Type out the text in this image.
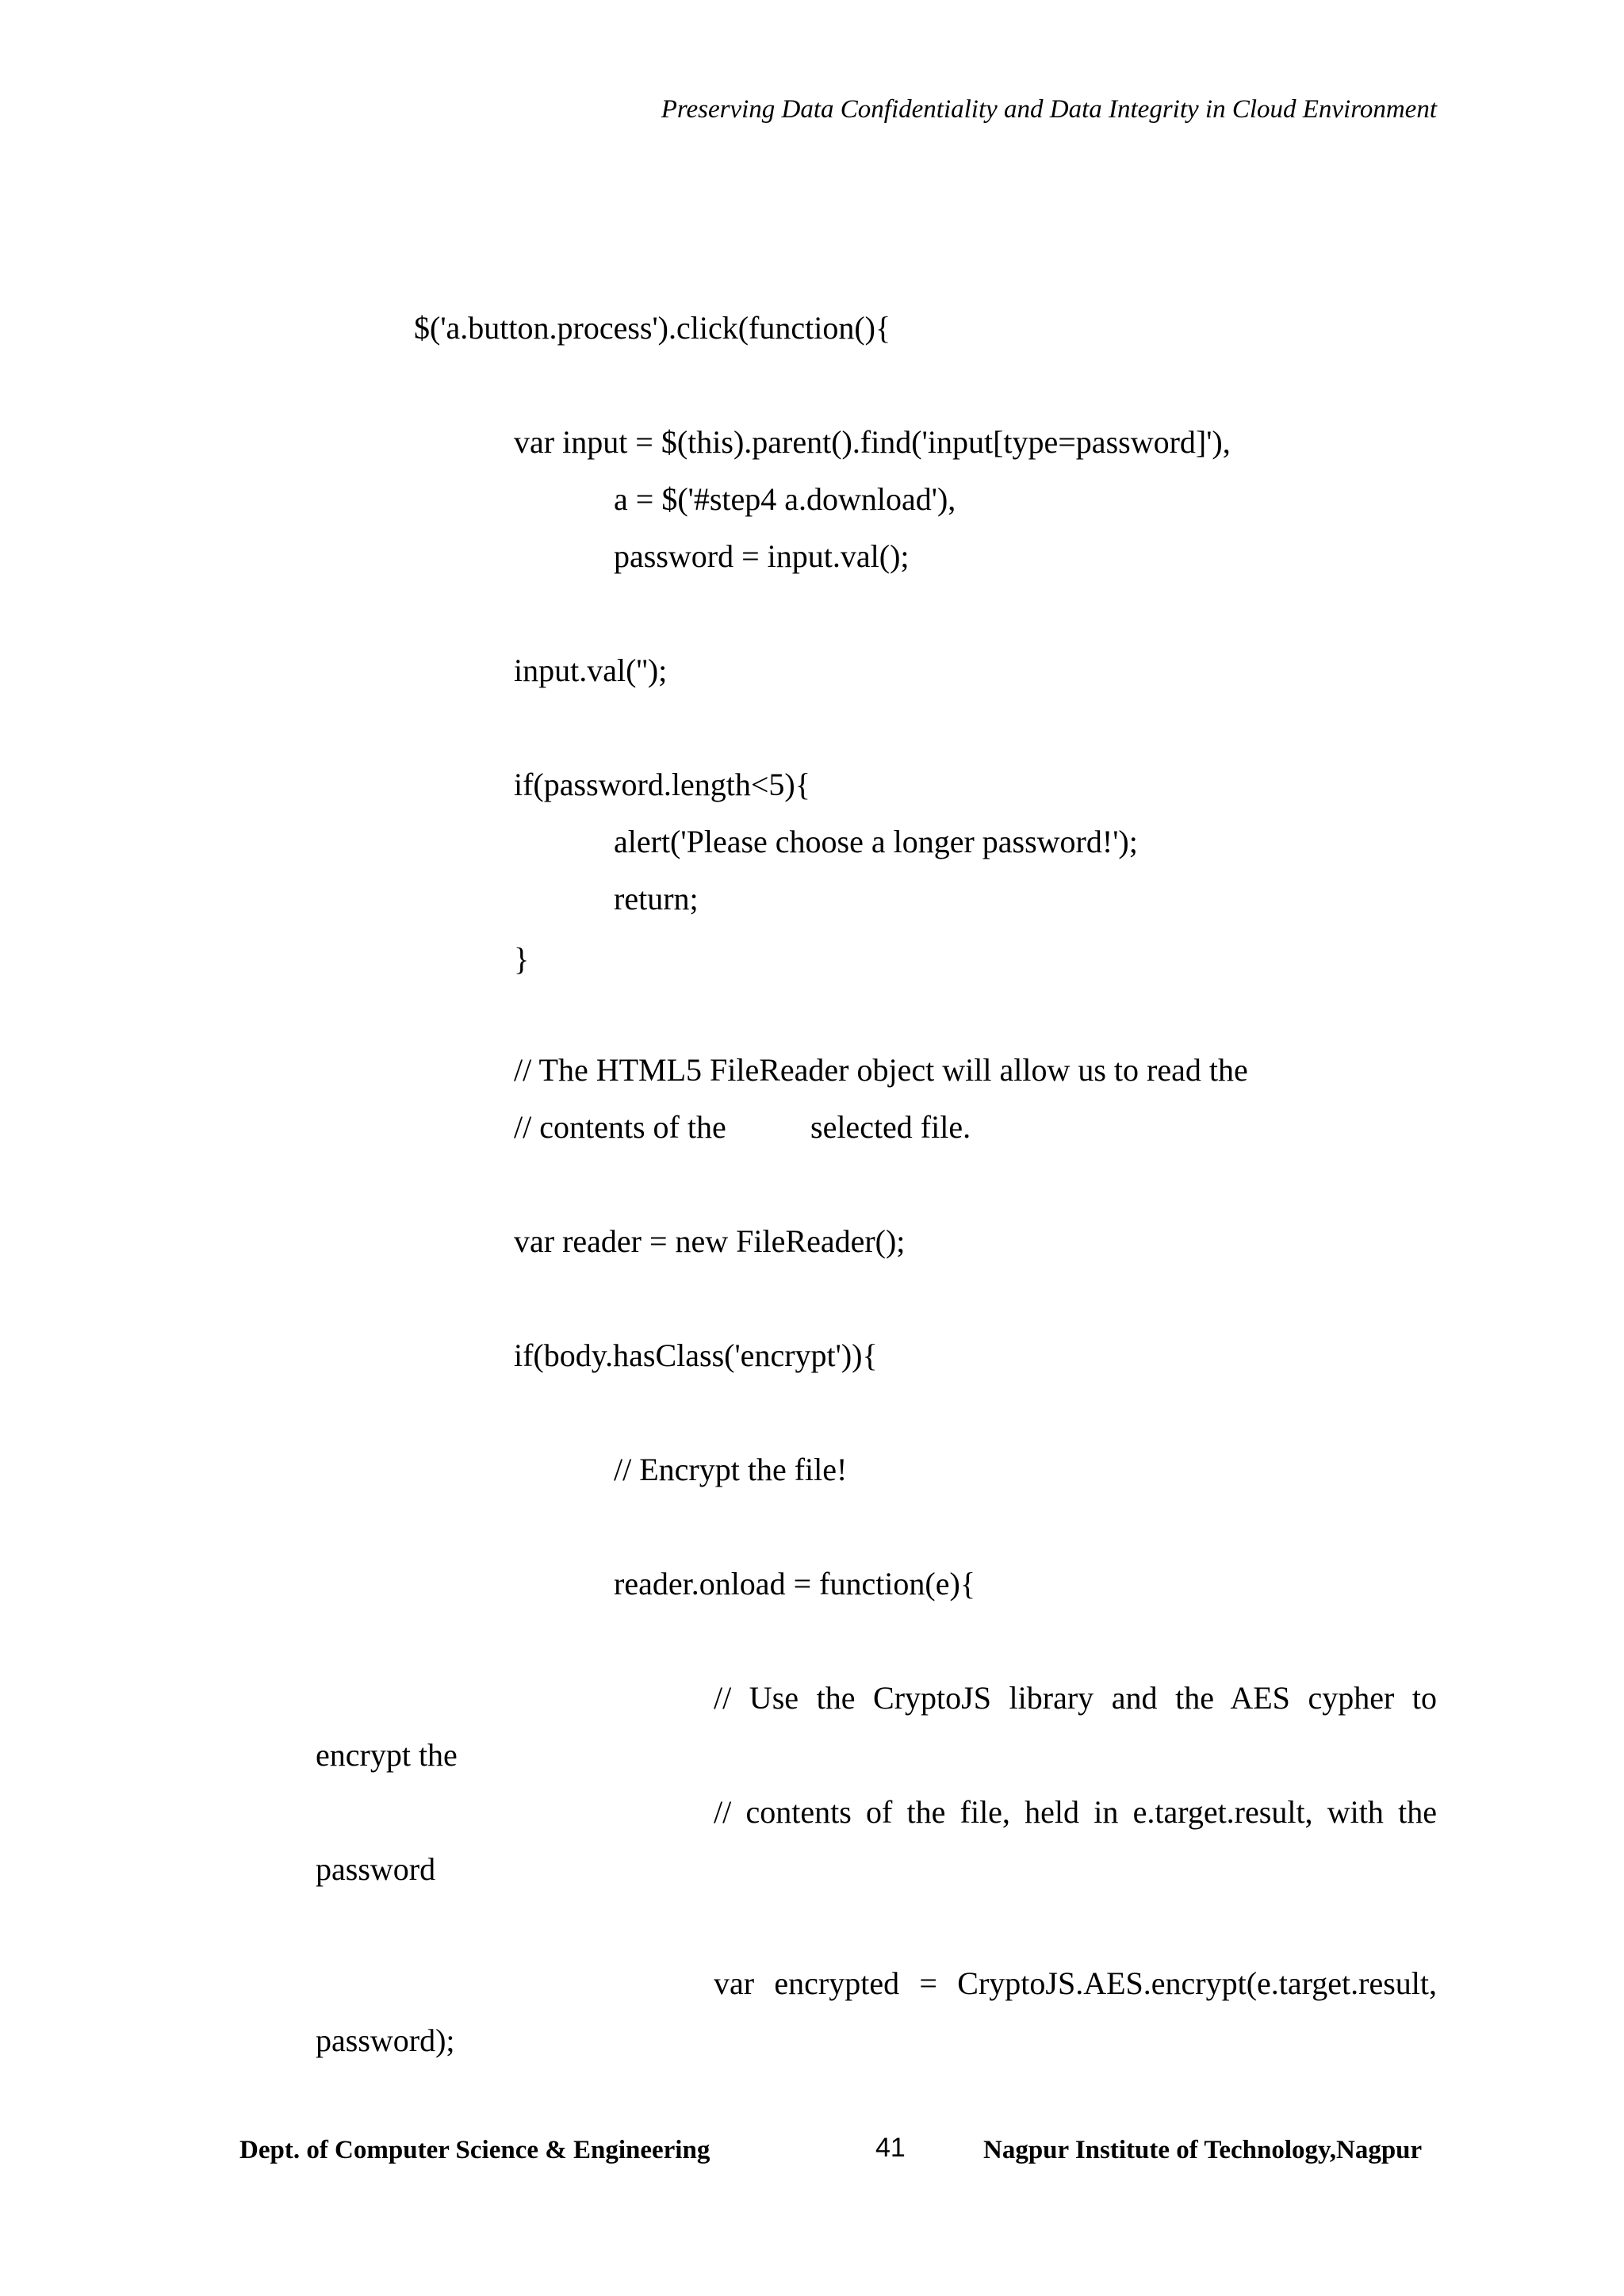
Preserving Data Confidentiality and Data Integrity in Cloud Environment
$('a.button.process').click(function(){
var input = $(this).parent().find('input[type=password]'),
a = $('#step4 a.download'),
password = input.val();
input.val('');
if(password.length<5){
alert('Please choose a longer password!');
return;
}
// The HTML5 FileReader object will allow us to read the
// contents of the	selected file.
var reader = new FileReader();
if(body.hasClass('encrypt')){
// Encrypt the file!
reader.onload = function(e){
// Use the CryptoJS library and the AES cypher to
encrypt the
// contents of the file, held in e.target.result, with the
password
var encrypted = CryptoJS.AES.encrypt(e.target.result,
password);
Dept. of Computer Science & Engineering	41	Nagpur Institute of Technology,Nagpur
